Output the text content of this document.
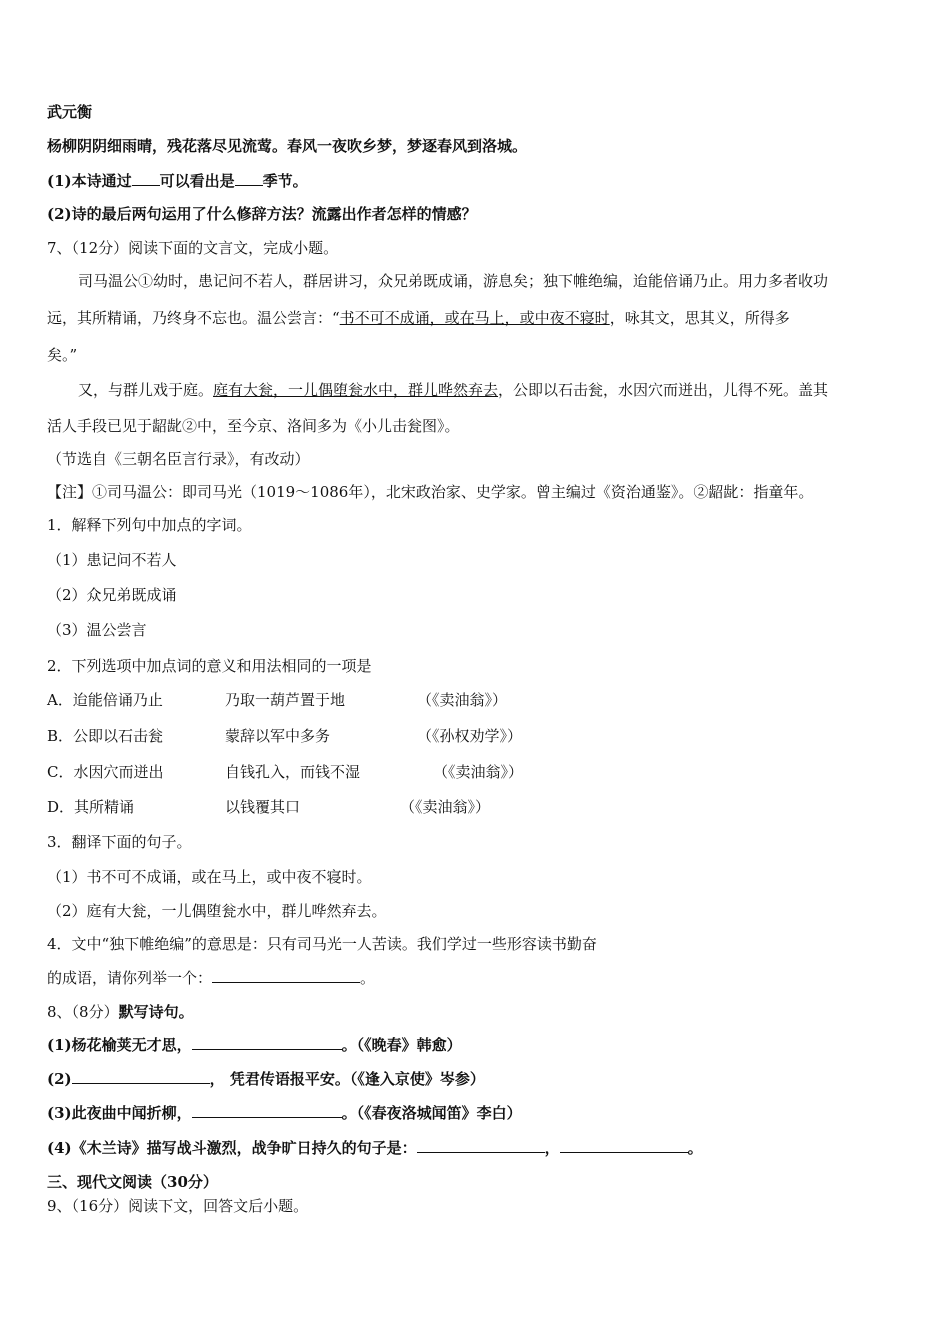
武元衡
杨柳阴阴细雨晴，残花落尽见流莺。春风一夜吹乡梦，梦逐春风到洛城。
(1)本诗通过 可以看出是 季节。
(2)诗的最后两句运用了什么修辞方法？流露出作者怎样的情感？
7、（12分）阅读下面的文言文，完成小题。
司马温公①幼时，患记问不若人，群居讲习，众兄弟既成诵，游息矣；独下帷绝编，迨能倍诵乃止。用力多者收功
远，其所精诵，乃终身不忘也。温公尝言：“书不可不成诵，或在马上，或中夜不寝时，咏其文，思其义，所得多
矣。”
又，与群儿戏于庭。庭有大瓮，一儿偶堕瓮水中，群儿哗然弃去，公即以石击瓮，水因穴而迸出，儿得不死。盖其
活人手段已见于龆龀②中，至今京、洛间多为《小儿击瓮图》。
（节选自《三朝名臣言行录》，有改动）
【注】①司马温公：即司马光（1019～1086年），北宋政治家、史学家。曾主编过《资治通鉴》。②龆龀：指童年。
1．解释下列句中加点的字词。
（1）患记问不若人
（2）众兄弟既成诵
（3）温公尝言
2．下列选项中加点词的意义和用法相同的一项是
A．迨能倍诵乃止	乃取一葫芦置于地	（《卖油翁》）
B．公即以石击瓮	蒙辞以军中多务	（《孙权劝学》）
C．水因穴而迸出	自钱孔入，而钱不湿	（《卖油翁》）
D．其所精诵	以钱覆其口	（《卖油翁》）
3．翻译下面的句子。
（1）书不可不成诵，或在马上，或中夜不寝时。
（2）庭有大瓮，一儿偶堕瓮水中，群儿哗然弃去。
4．文中“独下帷绝编”的意思是：只有司马光一人苦读。我们学过一些形容读书勤奋
的成语，请你列举一个：	。
8、（8分）默写诗句。
(1)杨花榆荚无才思，	。（《晚春》韩愈）
(2)	， 凭君传语报平安。（《逢入京使》岑参）
(3)此夜曲中闻折柳，	。（《春夜洛城闻笛》李白）
(4)《木兰诗》描写战斗激烈，战争旷日持久的句子是：	，	。
三、现代文阅读（30分）
9、（16分）阅读下文，回答文后小题。
